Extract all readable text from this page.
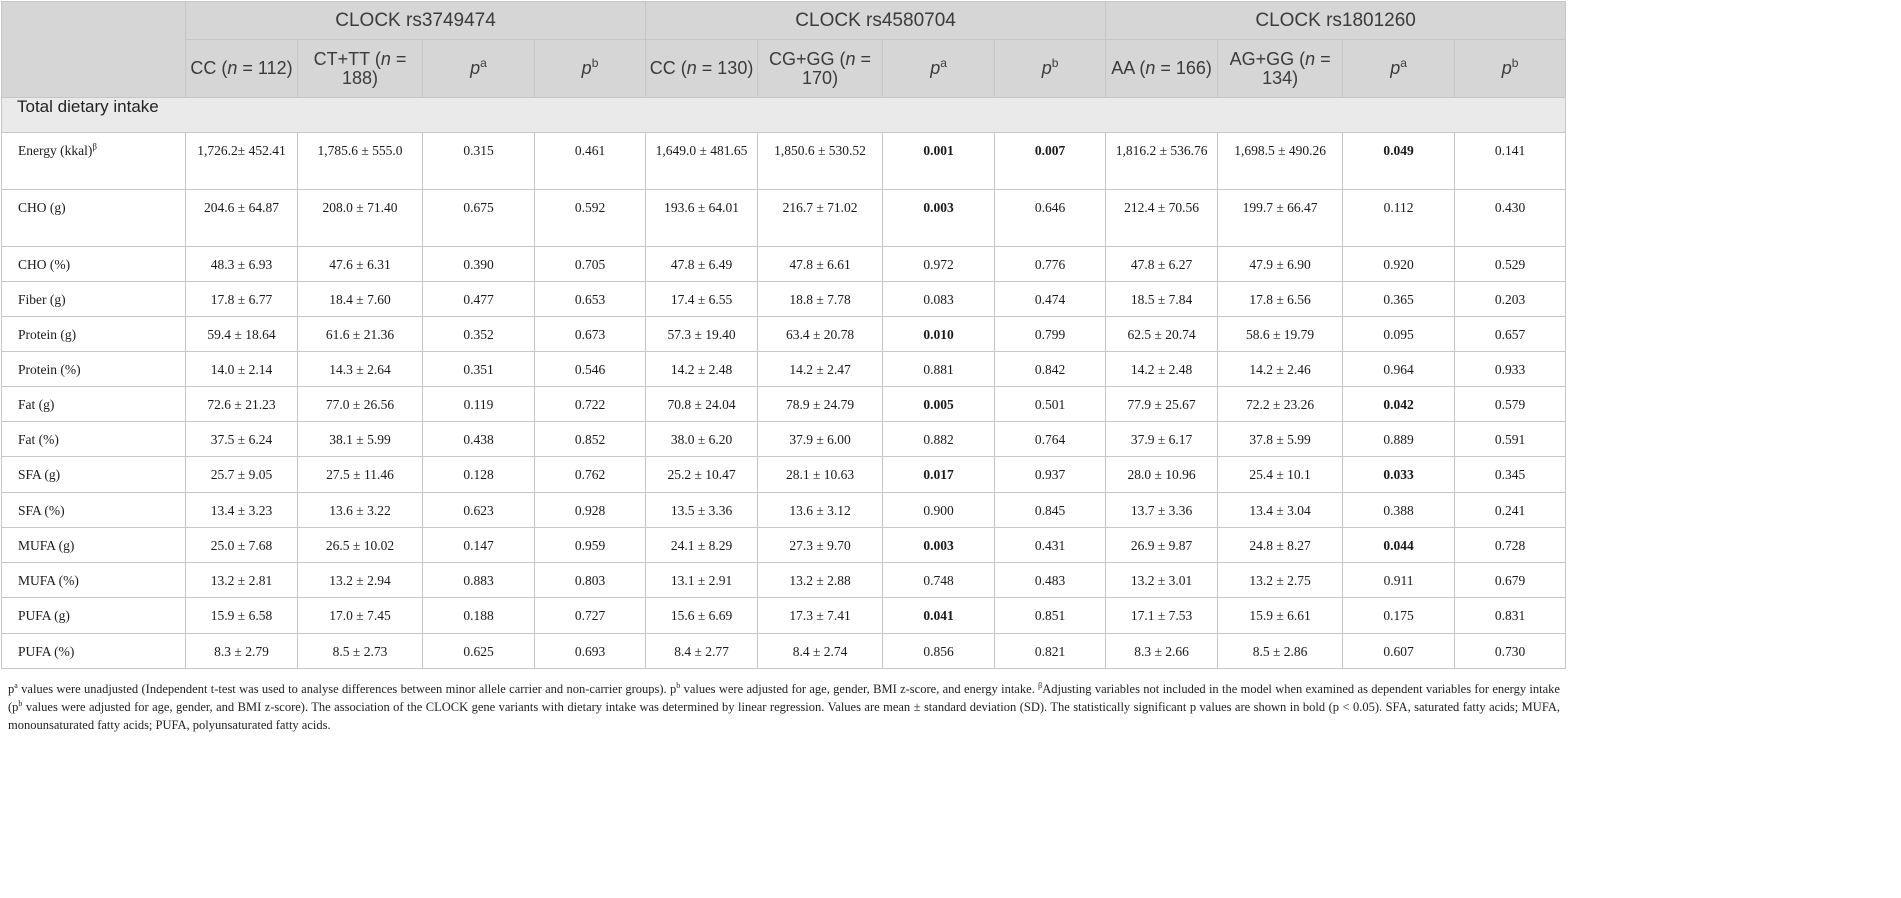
	CLOCK rs3749474				CLOCK rs4580704				CLOCK rs1801260			
	CC (n = 112)	CT+TT (n = 188)	$p^a$	$p^b$	CC (n = 130)	CG+GG (n = 170)	$p^a$	$p^b$	AA (n = 166)	AG+GG (n = 134)	$p^a$	$p^b$
Total dietary intake												
Energy (kkal)$^\beta$	1,726.2± 452.41	1,785.6 ± 555.0	0.315	0.461	1,649.0 ± 481.65	1,850.6 ± 530.52	0.001	0.007	1,816.2 ± 536.76	1,698.5 ± 490.26	0.049	0.141
CHO (g)	204.6 ± 64.87	208.0 ± 71.40	0.675	0.592	193.6 ± 64.01	216.7 ± 71.02	0.003	0.646	212.4 ± 70.56	199.7 ± 66.47	0.112	0.430
CHO (%)	48.3 ± 6.93	47.6 ± 6.31	0.390	0.705	47.8 ± 6.49	47.8 ± 6.61	0.972	0.776	47.8 ± 6.27	47.9 ± 6.90	0.920	0.529
Fiber (g)	17.8 ± 6.77	18.4 ± 7.60	0.477	0.653	17.4 ± 6.55	18.8 ± 7.78	0.083	0.474	18.5 ± 7.84	17.8 ± 6.56	0.365	0.203
Protein (g)	59.4 ± 18.64	61.6 ± 21.36	0.352	0.673	57.3 ± 19.40	63.4 ± 20.78	0.010	0.799	62.5 ± 20.74	58.6 ± 19.79	0.095	0.657
Protein (%)	14.0 ± 2.14	14.3 ± 2.64	0.351	0.546	14.2 ± 2.48	14.2 ± 2.47	0.881	0.842	14.2 ± 2.48	14.2 ± 2.46	0.964	0.933
Fat (g)	72.6 ± 21.23	77.0 ± 26.56	0.119	0.722	70.8 ± 24.04	78.9 ± 24.79	0.005	0.501	77.9 ± 25.67	72.2 ± 23.26	0.042	0.579
Fat (%)	37.5 ± 6.24	38.1 ± 5.99	0.438	0.852	38.0 ± 6.20	37.9 ± 6.00	0.882	0.764	37.9 ± 6.17	37.8 ± 5.99	0.889	0.591
SFA (g)	25.7 ± 9.05	27.5 ± 11.46	0.128	0.762	25.2 ± 10.47	28.1 ± 10.63	0.017	0.937	28.0 ± 10.96	25.4 ± 10.1	0.033	0.345
SFA (%)	13.4 ± 3.23	13.6 ± 3.22	0.623	0.928	13.5 ± 3.36	13.6 ± 3.12	0.900	0.845	13.7 ± 3.36	13.4 ± 3.04	0.388	0.241
MUFA (g)	25.0 ± 7.68	26.5 ± 10.02	0.147	0.959	24.1 ± 8.29	27.3 ± 9.70	0.003	0.431	26.9 ± 9.87	24.8 ± 8.27	0.044	0.728
MUFA (%)	13.2 ± 2.81	13.2 ± 2.94	0.883	0.803	13.1 ± 2.91	13.2 ± 2.88	0.748	0.483	13.2 ± 3.01	13.2 ± 2.75	0.911	0.679
PUFA (g)	15.9 ± 6.58	17.0 ± 7.45	0.188	0.727	15.6 ± 6.69	17.3 ± 7.41	0.041	0.851	17.1 ± 7.53	15.9 ± 6.61	0.175	0.831
PUFA (%)	8.3 ± 2.79	8.5 ± 2.73	0.625	0.693	8.4 ± 2.77	8.4 ± 2.74	0.856	0.821	8.3 ± 2.66	8.5 ± 2.86	0.607	0.730
$p^a$ values were unadjusted (Independent t-test was used to analyse differences between minor allele carrier and non-carrier groups). $p^b$ values were adjusted for age, gender, BMI z-score, and energy intake. $^\beta$Adjusting variables not included in the model when examined as dependent variables for energy intake ($p^b$ values were adjusted for age, gender, and BMI z-score). The association of the CLOCK gene variants with dietary intake was determined by linear regression. Values are mean ± standard deviation (SD). The statistically significant p values are shown in bold (p < 0.05). SFA, saturated fatty acids; MUFA, monounsaturated fatty acids; PUFA, polyunsaturated fatty acids.
